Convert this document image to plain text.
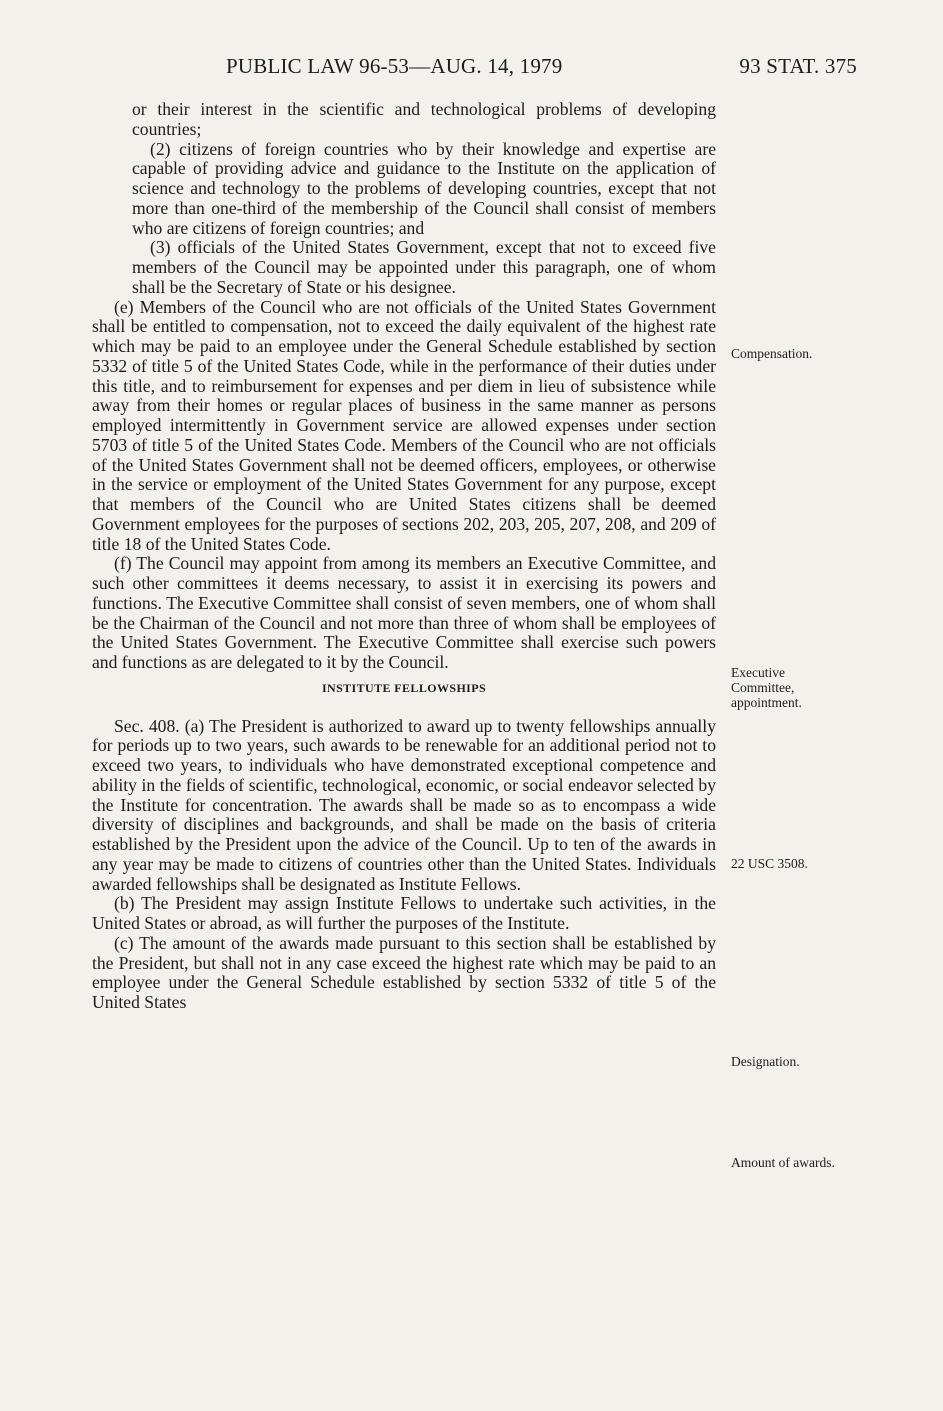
PUBLIC LAW 96-53—AUG. 14, 1979	93 STAT. 375

or their interest in the scientific and technological problems of developing countries;

(2) citizens of foreign countries who by their knowledge and expertise are capable of providing advice and guidance to the Institute on the application of science and technology to the problems of developing countries, except that not more than one-third of the membership of the Council shall consist of members who are citizens of foreign countries; and

(3) officials of the United States Government, except that not to exceed five members of the Council may be appointed under this paragraph, one of whom shall be the Secretary of State or his designee.

(e) Members of the Council who are not officials of the United States Government shall be entitled to compensation, not to exceed the daily equivalent of the highest rate which may be paid to an employee under the General Schedule established by section 5332 of title 5 of the United States Code, while in the performance of their duties under this title, and to reimbursement for expenses and per diem in lieu of subsistence while away from their homes or regular places of business in the same manner as persons employed intermittently in Government service are allowed expenses under section 5703 of title 5 of the United States Code. Members of the Council who are not officials of the United States Government shall not be deemed officers, employees, or otherwise in the service or employment of the United States Government for any purpose, except that members of the Council who are United States citizens shall be deemed Government employees for the purposes of sections 202, 203, 205, 207, 208, and 209 of title 18 of the United States Code.

(f) The Council may appoint from among its members an Executive Committee, and such other committees it deems necessary, to assist it in exercising its powers and functions. The Executive Committee shall consist of seven members, one of whom shall be the Chairman of the Council and not more than three of whom shall be employees of the United States Government. The Executive Committee shall exercise such powers and functions as are delegated to it by the Council.

INSTITUTE FELLOWSHIPS

Sec. 408. (a) The President is authorized to award up to twenty fellowships annually for periods up to two years, such awards to be renewable for an additional period not to exceed two years, to individuals who have demonstrated exceptional competence and ability in the fields of scientific, technological, economic, or social endeavor selected by the Institute for concentration. The awards shall be made so as to encompass a wide diversity of disciplines and backgrounds, and shall be made on the basis of criteria established by the President upon the advice of the Council. Up to ten of the awards in any year may be made to citizens of countries other than the United States. Individuals awarded fellowships shall be designated as Institute Fellows.

(b) The President may assign Institute Fellows to undertake such activities, in the United States or abroad, as will further the purposes of the Institute.

(c) The amount of the awards made pursuant to this section shall be established by the President, but shall not in any case exceed the highest rate which may be paid to an employee under the General Schedule established by section 5332 of title 5 of the United States

Compensation.
Executive Committee, appointment.
22 USC 3508.
Designation.
Amount of awards.
